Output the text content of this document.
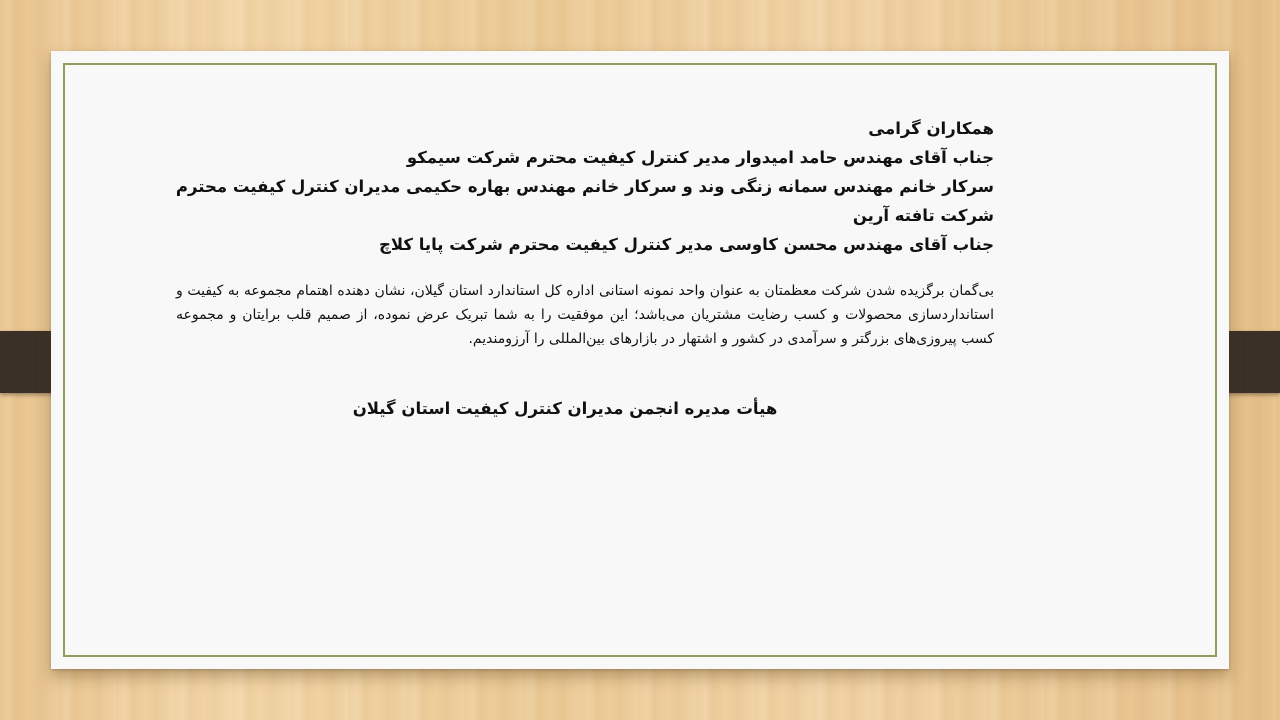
همکاران گرامی
جناب آقای مهندس حامد امیدوار مدیر کنترل کیفیت محترم شرکت سیمکو
سرکار خانم مهندس سمانه زنگی وند و سرکار خانم مهندس بهاره حکیمی مدیران کنترل کیفیت محترم
شرکت تافته آرین
جناب آقای مهندس محسن کاوسی مدیر کنترل کیفیت محترم شرکت پایا کلاچ
بی‌گمان برگزیده شدن شرکت معظمتان به عنوان واحد نمونه استانی اداره کل استاندارد استان گیلان، نشان دهنده اهتمام مجموعه به کیفیت و استانداردسازی محصولات و کسب رضایت مشتریان می‌باشد؛ این موفقیت را به شما تبریک عرض نموده، از صمیم قلب برایتان و مجموعه کسب پیروزی‌های بزرگتر و سرآمدی در کشور و اشتهار در بازارهای بین‌المللی را آرزومندیم.
هیأت مدیره انجمن مدیران کنترل کیفیت استان گیلان
